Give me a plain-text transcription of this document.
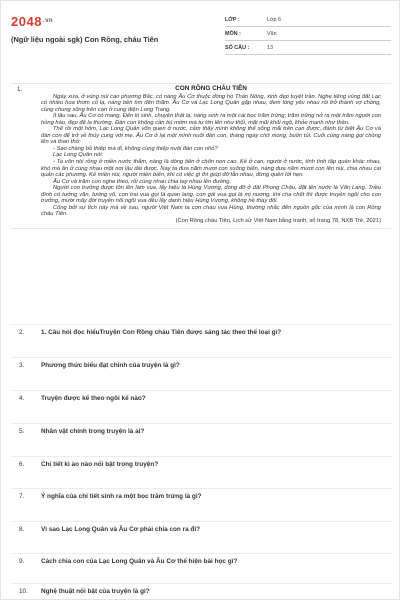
$2048^{.vn}$
(Ngữ liệu ngoài sgk) Con Rồng, cháu Tiên
LỚP :	Lớp 6
MÔN :	Văn
SỐ CÂU :	13
1.	CON RỒNG CHÁU TIÊN

Ngày xưa, ở vùng núi cao phương Bắc, có nàng Âu Cơ thuộc dòng họ Thần Nông, xinh đẹp tuyệt trần. Nghe tiếng vùng đất Lạc có nhiều hoa thơm cỏ lạ, nàng bèn tìm đến thăm. Âu Cơ và Lạc Long Quân gặp nhau, đem lòng yêu nhau rồi trở thành vợ chồng, cùng chung sống trên cạn ở cung điện Long Trang.

Ít lâu sau, Âu Cơ có mang. Đến kì sinh, chuyện thật lạ, nàng sinh ra một cái bọc trăm trứng; trăm trứng nở ra một trăm người con hồng hào, đẹp đẽ lạ thường. Đàn con không cần bú mớm mà tự lớn lên như thổi, mặt mũi khôi ngô, khỏe mạnh như thần.

Thế rồi một hôm, Lạc Long Quân vốn quen ở nước, cảm thấy mình không thể sống mãi trên cạn được, đành từ biệt Âu Cơ và đàn con để trở về thủy cung với mẹ. Âu Cơ ở lại một mình nuôi đàn con, tháng ngày chờ mong, buồn tủi. Cuối cùng nàng gọi chồng lên và than thở:

- Sao chàng bỏ thiếp mà đi, không cùng thiếp nuôi đàn con nhỏ?

Lạc Long Quân nói:

- Ta vốn nòi rồng ở miền nước thẳm, nàng là dòng tiên ở chốn non cao. Kẻ ở cạn, người ở nước, tính tình tập quán khác nhau, khó mà ăn ở cùng nhau một nơi lâu dài được. Nay ta đưa năm mươi con xuống biển, nàng đưa năm mươi con lên núi, chia nhau cai quản các phương. Kẻ miền núi, người miền biển, khi có việc gì thì giúp đỡ lẫn nhau, đừng quên lời hẹn.

Âu Cơ và trăm con nghe theo, rồi cùng nhau chia tay nhau lên đường.

Người con trưởng được tôn lên làm vua, lấy hiệu là Hùng Vương, đóng đô ở đất Phong Châu, đặt tên nước là Văn Lang. Triều đình có tướng văn, tướng võ, con trai vua gọi là quan lang, con gái vua gọi là mị nương, khi cha chết thì được truyền ngôi cho con trưởng, mười mấy đời truyền nối ngôi vua đều lấy danh hiệu Hùng Vương, không hề thay đổi.

Cũng bởi sự tích này mà về sau, người Việt Nam ta con cháu vua Hùng, thường nhắc đến nguồn gốc của mình là con Rồng cháu Tiên.

(Con Rồng cháu Tiên, Lịch sử Việt Nam bằng tranh, số trang 78, NXB Trẻ, 2021)

2.	1. Câu hỏi đọc hiểuTruyện Con Rồng cháu Tiên được sáng tác theo thể loại gì?
3.	Phương thức biểu đạt chính của truyện là gì?
4.	Truyện được kể theo ngôi kể nào?
5.	Nhân vật chính trong truyện là ai?
6.	Chi tiết kì ảo nào nổi bật trong truyện?
7.	Ý nghĩa của chi tiết sinh ra một bọc trăm trứng là gì?
8.	Vì sao Lạc Long Quân và Âu Cơ phải chia con ra đi?
9.	Cách chia con của Lạc Long Quân và Âu Cơ thể hiện bài học gì?
10. Nghệ thuật nổi bật của truyện là gì?
